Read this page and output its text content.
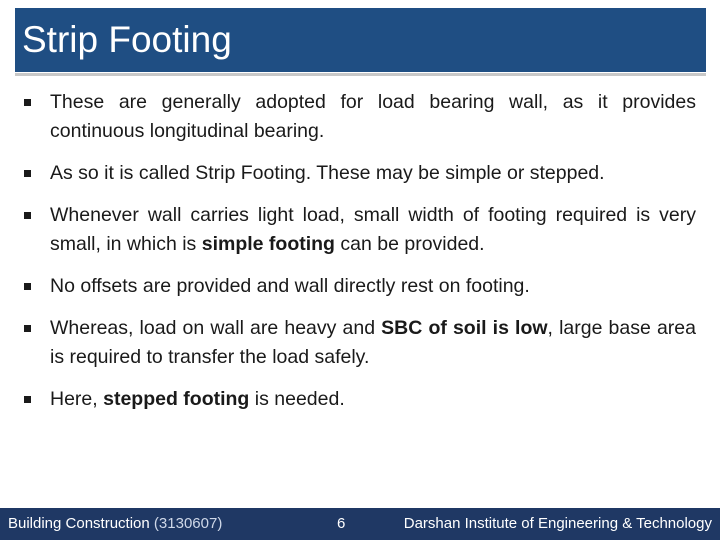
Strip Footing
These are generally adopted for load bearing wall, as it provides continuous longitudinal bearing.
As so it is called Strip Footing. These may be simple or stepped.
Whenever wall carries light load, small width of footing required is very small, in which is simple footing can be provided.
No offsets are provided and wall directly rest on footing.
Whereas, load on wall are heavy and SBC of soil is low, large base area is required to transfer the load safely.
Here, stepped footing is needed.
Building Construction (3130607)	6	Darshan Institute of Engineering & Technology
